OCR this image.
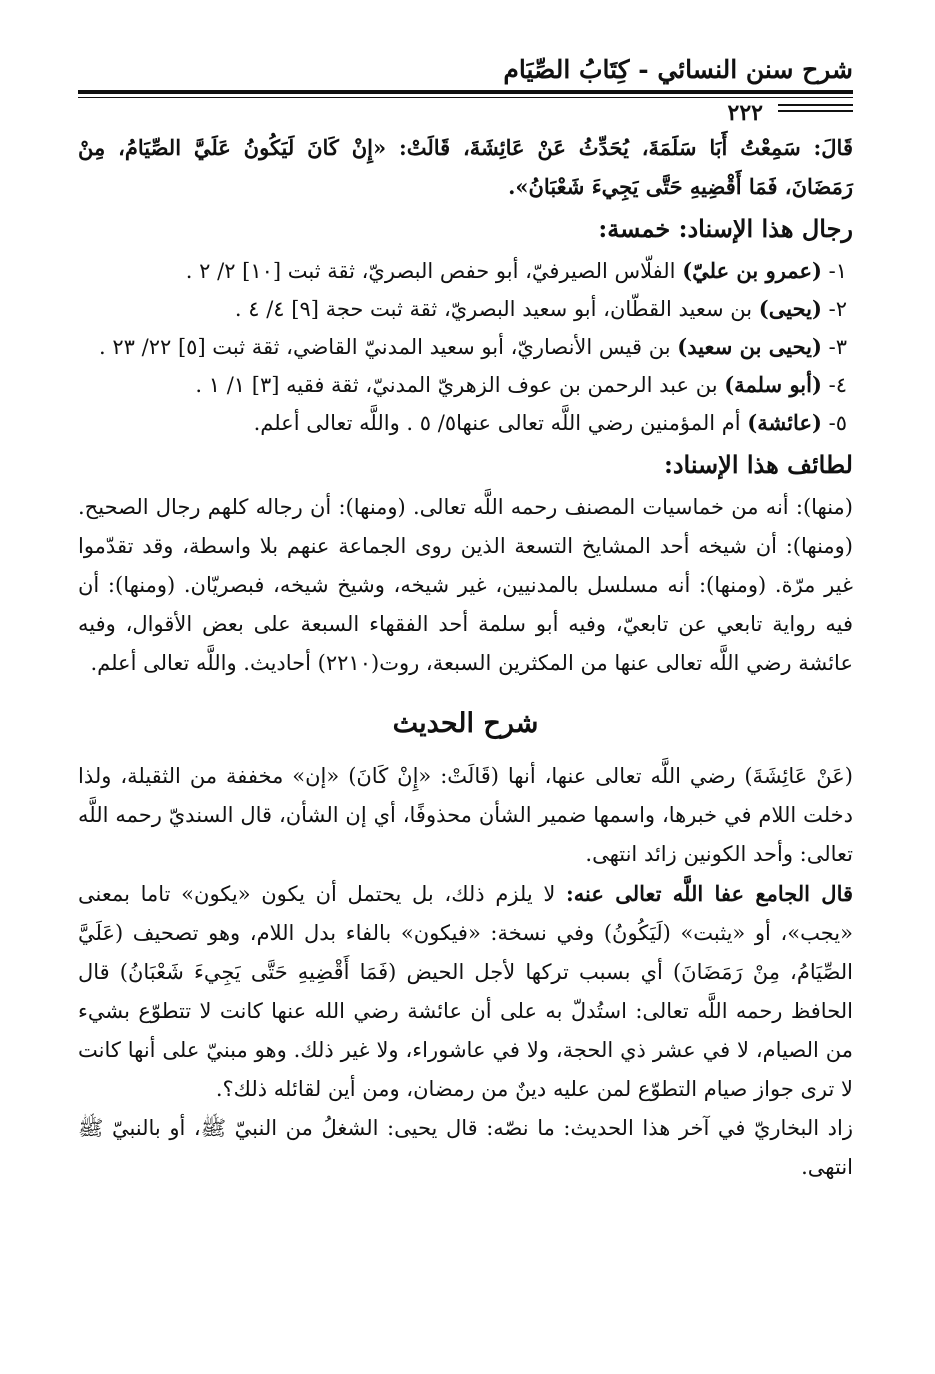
شرح سنن النسائي - كِتَابُ الصِّيَام
٢٢٢

قَالَ: سَمِعْتُ أَبَا سَلَمَةَ، يُحَدِّثُ عَنْ عَائِشَةَ، قَالَتْ: «إِنْ كَانَ لَيَكُونُ عَلَيَّ الصِّيَامُ، مِنْ رَمَضَانَ، فَمَا أَقْضِيهِ حَتَّى يَجِيءَ شَعْبَانُ».

رجال هذا الإسناد: خمسة:

١- (عمرو بن عليّ) الفلّاس الصيرفيّ، أبو حفص البصريّ، ثقة ثبت [١٠] ٢/ ٢ .

٢- (يحيى) بن سعيد القطّان، أبو سعيد البصريّ، ثقة ثبت حجة [٩] ٤/ ٤ .

٣- (يحيى بن سعيد) بن قيس الأنصاريّ، أبو سعيد المدنيّ القاضي، ثقة ثبت [٥] ٢٢/ ٢٣ .

٤- (أبو سلمة) بن عبد الرحمن بن عوف الزهريّ المدنيّ، ثقة فقيه [٣] ١/ ١ .

٥- (عائشة) أم المؤمنين رضي اللَّه تعالى عنها٥/ ٥ . واللَّه تعالى أعلم.

لطائف هذا الإسناد:

(منها): أنه من خماسيات المصنف رحمه اللَّه تعالى. (ومنها): أن رجاله كلهم رجال الصحيح. (ومنها): أن شيخه أحد المشايخ التسعة الذين روى الجماعة عنهم بلا واسطة، وقد تقدّموا غير مرّة. (ومنها): أنه مسلسل بالمدنيين، غير شيخه، وشيخ شيخه، فبصريّان. (ومنها): أن فيه رواية تابعي عن تابعيّ، وفيه أبو سلمة أحد الفقهاء السبعة على بعض الأقوال، وفيه عائشة رضي اللَّه تعالى عنها من المكثرين السبعة، روت(٢٢١٠) أحاديث. واللَّه تعالى أعلم.

شرح الحديث

(عَنْ عَائِشَةَ) رضي اللَّه تعالى عنها، أنها (قَالَتْ: «إِنْ كَانَ) «إن» مخففة من الثقيلة، ولذا دخلت اللام في خبرها، واسمها ضمير الشأن محذوفًا، أي إن الشأن، قال السنديّ رحمه اللَّه تعالى: وأحد الكونين زائد انتهى.

قال الجامع عفا اللَّه تعالى عنه: لا يلزم ذلك، بل يحتمل أن يكون «يكون» تاما بمعنى «يجب»، أو «يثبت» (لَيَكُونُ) وفي نسخة: «فيكون» بالفاء بدل اللام، وهو تصحيف (عَلَيَّ الصِّيَامُ، مِنْ رَمَضَانَ) أي بسبب تركها لأجل الحيض (فَمَا أَقْضِيهِ حَتَّى يَجِيءَ شَعْبَانُ) قال الحافظ رحمه اللَّه تعالى: استُدلّ به على أن عائشة رضي الله عنها كانت لا تتطوّع بشيء من الصيام، لا في عشر ذي الحجة، ولا في عاشوراء، ولا غير ذلك. وهو مبنيّ على أنها كانت لا ترى جواز صيام التطوّع لمن عليه دينٌ من رمضان، ومن أين لقائله ذلك؟.

زاد البخاريّ في آخر هذا الحديث: ما نصّه: قال يحيى: الشغلُ من النبيّ ﷺ، أو بالنبيّ ﷺ انتهى.
